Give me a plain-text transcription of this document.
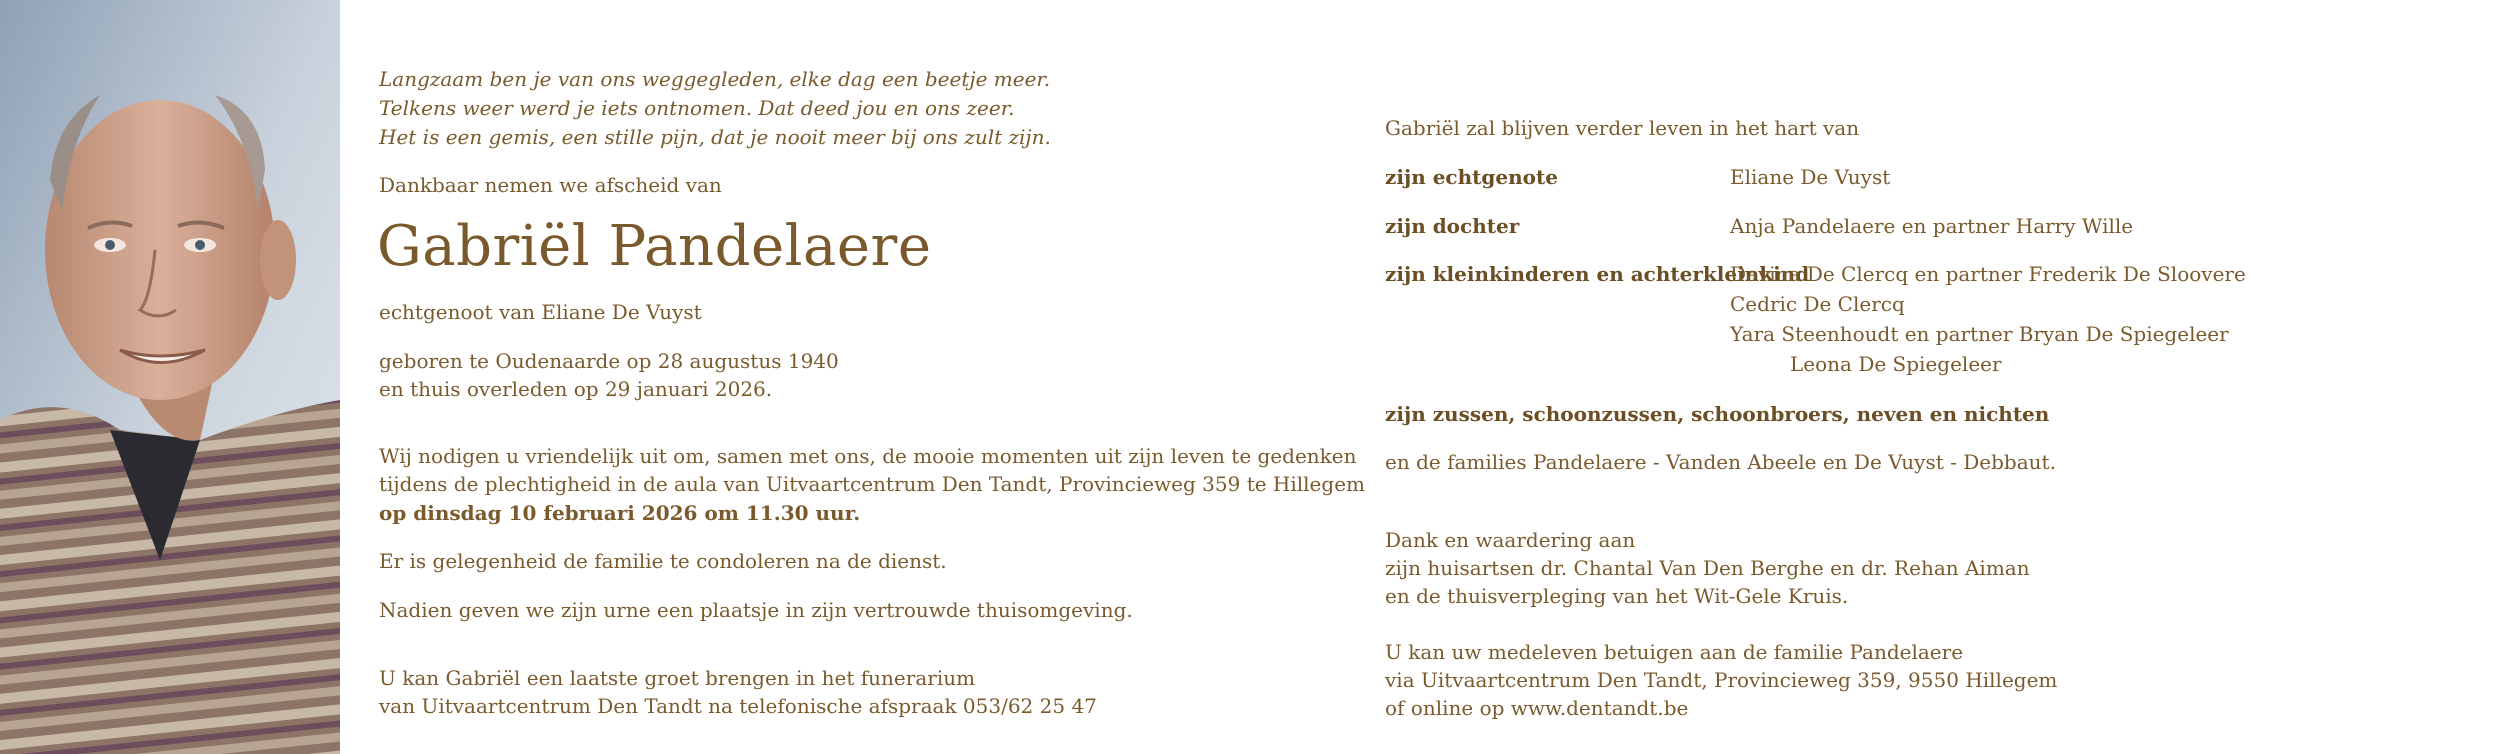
Langzaam ben je van ons weggegleden, elke dag een beetje meer.
Telkens weer werd je iets ontnomen. Dat deed jou en ons zeer.
Het is een gemis, een stille pijn, dat je nooit meer bij ons zult zijn.
Dankbaar nemen we afscheid van
Gabriël Pandelaere
echtgenoot van Eliane De Vuyst
geboren te Oudenaarde op 28 augustus 1940
en thuis overleden op 29 januari 2026.
Wij nodigen u vriendelijk uit om, samen met ons, de mooie momenten uit zijn leven te gedenken
tijdens de plechtigheid in de aula van Uitvaartcentrum Den Tandt, Provincieweg 359 te Hillegem
op dinsdag 10 februari 2026 om 11.30 uur.
Er is gelegenheid de familie te condoleren na de dienst.
Nadien geven we zijn urne een plaatsje in zijn vertrouwde thuisomgeving.
U kan Gabriël een laatste groet brengen in het funerarium
van Uitvaartcentrum Den Tandt na telefonische afspraak 053/62 25 47
Gabriël zal blijven verder leven in het hart van
zijn echtgenote	Eliane De Vuyst
zijn dochter	Anja Pandelaere en partner Harry Wille
zijn kleinkinderen en achterkleinkind
Davina De Clercq en partner Frederik De Sloovere
Cedric De Clercq
Yara Steenhoudt en partner Bryan De Spiegeleer
Leona De Spiegeleer
zijn zussen, schoonzussen, schoonbroers, neven en nichten
en de families Pandelaere - Vanden Abeele en De Vuyst - Debbaut.
Dank en waardering aan
zijn huisartsen dr. Chantal Van Den Berghe en dr. Rehan Aiman
en de thuisverpleging van het Wit-Gele Kruis.
U kan uw medeleven betuigen aan de familie Pandelaere
via Uitvaartcentrum Den Tandt, Provincieweg 359, 9550 Hillegem
of online op www.dentandt.be
